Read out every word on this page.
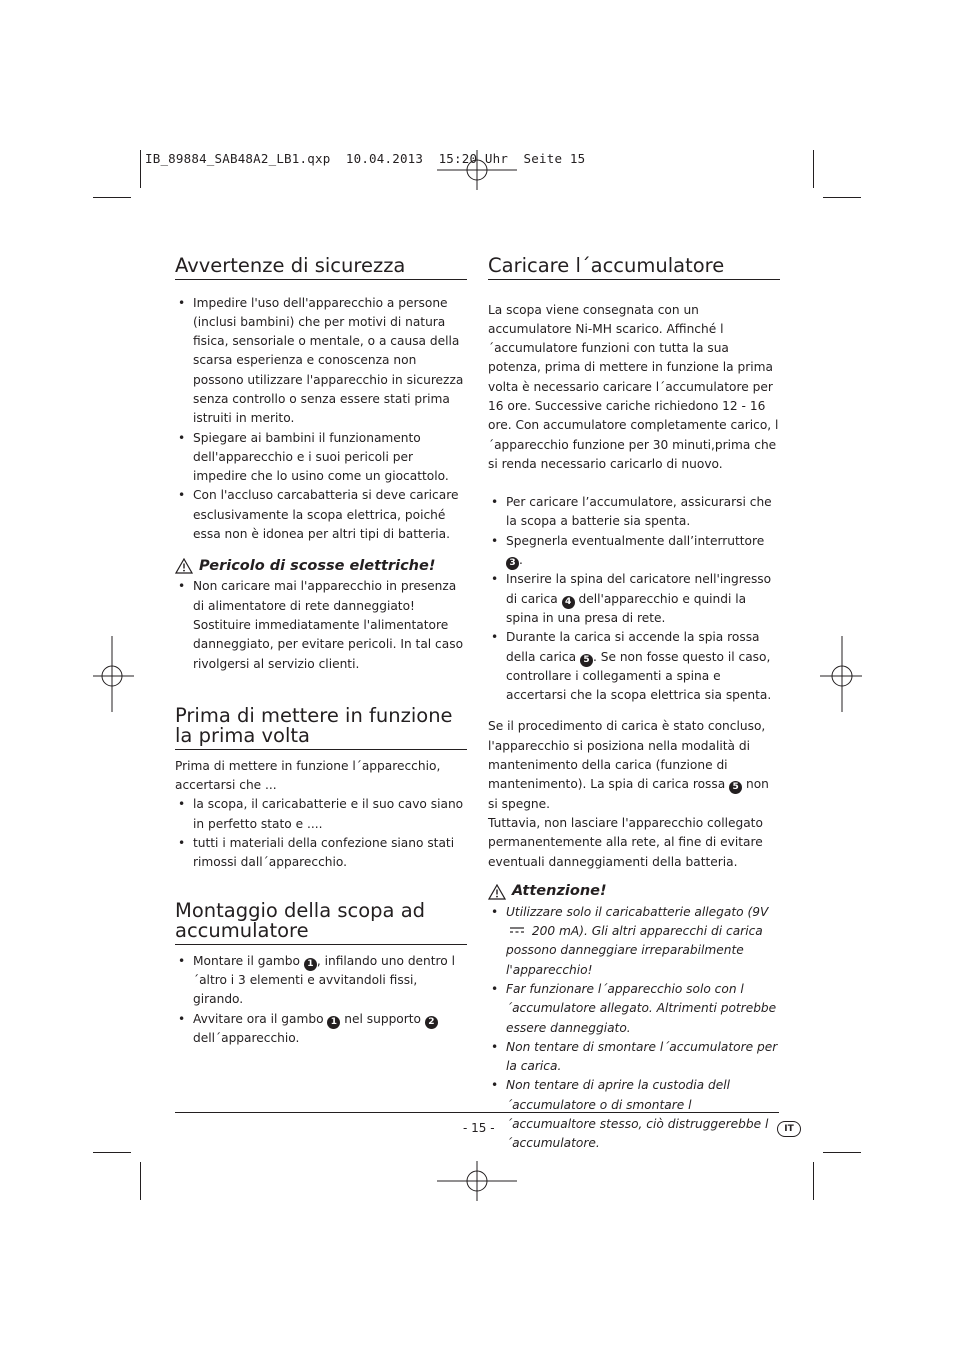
IB_89884_SAB48A2_LB1.qxp  10.04.2013  15:20 Uhr  Seite 15
Avvertenze di sicurezza
• Impedire l'uso dell'apparecchio a persone (inclusi bambini) che per motivi di natura fisica, sensoriale o mentale, o a causa della scarsa esperienza e conoscenza non possono utilizzare l'apparecchio in sicurezza senza controllo o senza essere stati prima istruiti in merito.
• Spiegare ai bambini il funzionamento dell'apparecchio e i suoi pericoli per impedire che lo usino come un giocattolo.
• Con l'accluso carcabatteria si deve caricare esclusivamente la scopa elettrica, poiché essa non è idonea per altri tipi di batteria.
Pericolo di scosse elettriche!
• Non caricare mai l'apparecchio in presenza di alimentatore di rete danneggiato! Sostituire immediatamente l'alimentatore danneggiato, per evitare pericoli. In tal caso rivolgersi al servizio clienti.
Prima di mettere in funzione
la prima volta

Prima di mettere in funzione l´apparecchio, accertarsi che ...

• la scopa, il caricabatterie e il suo cavo siano in perfetto stato e ....
• tutti i materiali della confezione siano stati rimossi dall´apparecchio.
Montaggio della scopa ad
accumulatore
• Montare il gambo 1 , infilando uno dentro l´altro i 3 elementi e avvitandoli fissi, girando.
• Avvitare ora il gambo 1 nel supporto 2
dell´apparecchio.
Caricare l´accumulatore

La scopa viene consegnata con un accumulatore Ni-MH scarico. Affinché l´accumulatore funzioni con tutta la sua potenza, prima di mettere in funzione la prima volta è necessario caricare l´accumulatore per 16 ore. Successive cariche richiedono 12 - 16 ore. Con accumulatore completamente carico, l´apparecchio funzione per 30 minuti,prima che si renda necessario caricarlo di nuovo.

• Per caricare l’accumulatore, assicurarsi che la scopa a batterie sia spenta.
• Spegnerla eventualmente dall’interruttore 3 .
• Inserire la spina del caricatore nell'ingresso di carica 4 dell'apparecchio e quindi la spina in una presa di rete.
• Durante la carica si accende la spia rossa della carica 5 . Se non fosse questo il caso, controllare i collegamenti a spina e accertarsi che la scopa elettrica sia spenta.

Se il procedimento di carica è stato concluso, l'apparecchio si posiziona nella modalità di mantenimento della carica (funzione di mantenimento). La spia di carica rossa 5 non si spegne.

Tuttavia, non lasciare l'apparecchio collegato permanentemente alla rete, al fine di evitare eventuali danneggiamenti della batteria.

Attenzione!
• Utilizzare solo il caricabatterie allegato (9V  200 mA). Gli altri apparecchi di carica possono danneggiare irreparabilmente l'apparecchio!
• Far funzionare l´apparecchio solo con l´accumulatore allegato. Altrimenti potrebbe essere danneggiato.
• Non tentare di smontare l´accumulatore per la carica.
• Non tentare di aprire la custodia dell´accumulatore o di smontare l´accumualtore stesso, ciò distruggerebbe l´accumulatore.
- 15 -	IT
